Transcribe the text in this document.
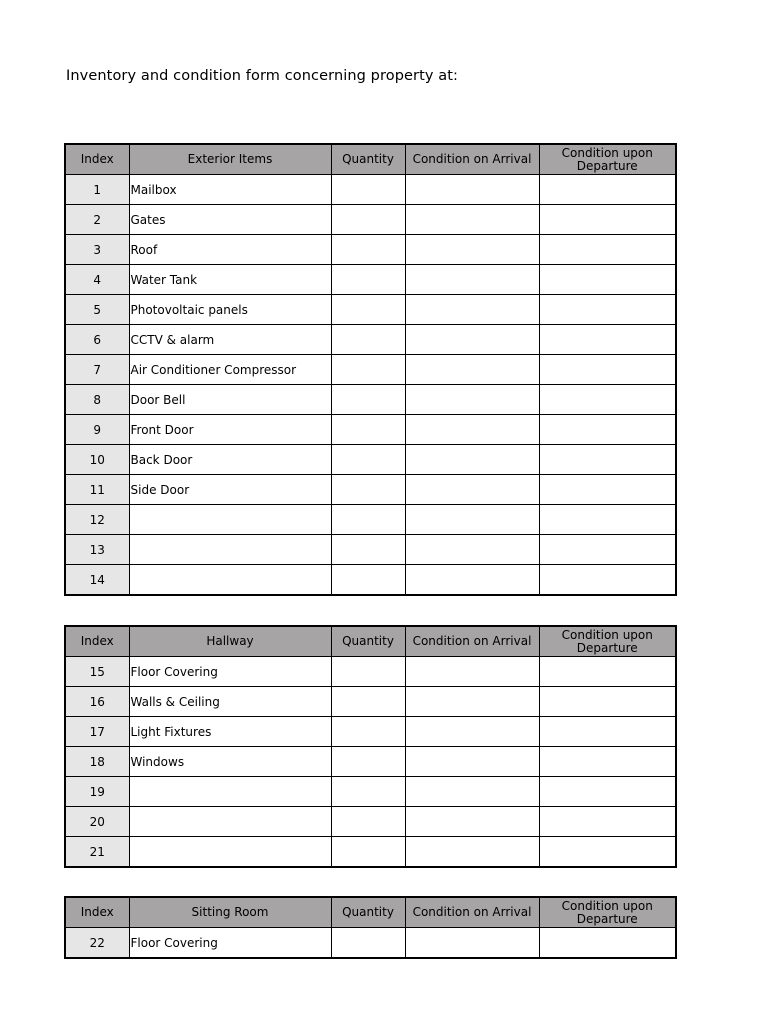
Inventory and condition form concerning property at:
Index	Exterior Items	Quantity	Condition on Arrival	Condition upon Departure
1	Mailbox			
2	Gates			
3	Roof			
4	Water Tank			
5	Photovoltaic panels			
6	CCTV & alarm			
7	Air Conditioner Compressor			
8	Door Bell			
9	Front Door			
10	Back Door			
11	Side Door			
12				
13				
14				
Index	Hallway	Quantity	Condition on Arrival	Condition upon Departure
15	Floor Covering			
16	Walls & Ceiling			
17	Light Fixtures			
18	Windows			
19				
20				
21				
Index	Sitting Room	Quantity	Condition on Arrival	Condition upon Departure
22	Floor Covering			
